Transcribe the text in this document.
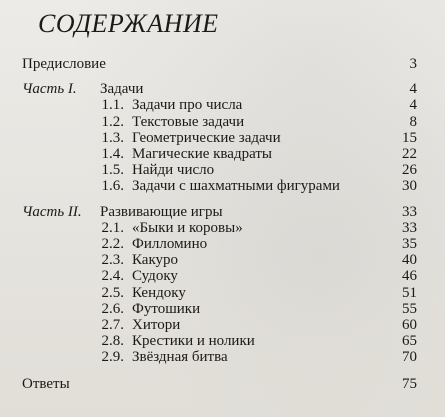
СОДЕРЖАНИЕ
Предисловие	3
Часть I. Задачи	4
1.1. Задачи про числа	4
1.2. Текстовые задачи	8
1.3. Геометрические задачи	15
1.4. Магические квадраты	22
1.5. Найди число	26
1.6. Задачи с шахматными фигурами	30
Часть II. Развивающие игры	33
2.1. «Быки и коровы»	33
2.2. Филломино	35
2.3. Какуро	40
2.4. Судоку	46
2.5. Кендоку	51
2.6. Футошики	55
2.7. Хитори	60
2.8. Крестики и нолики	65
2.9. Звёздная битва	70
Ответы	75
